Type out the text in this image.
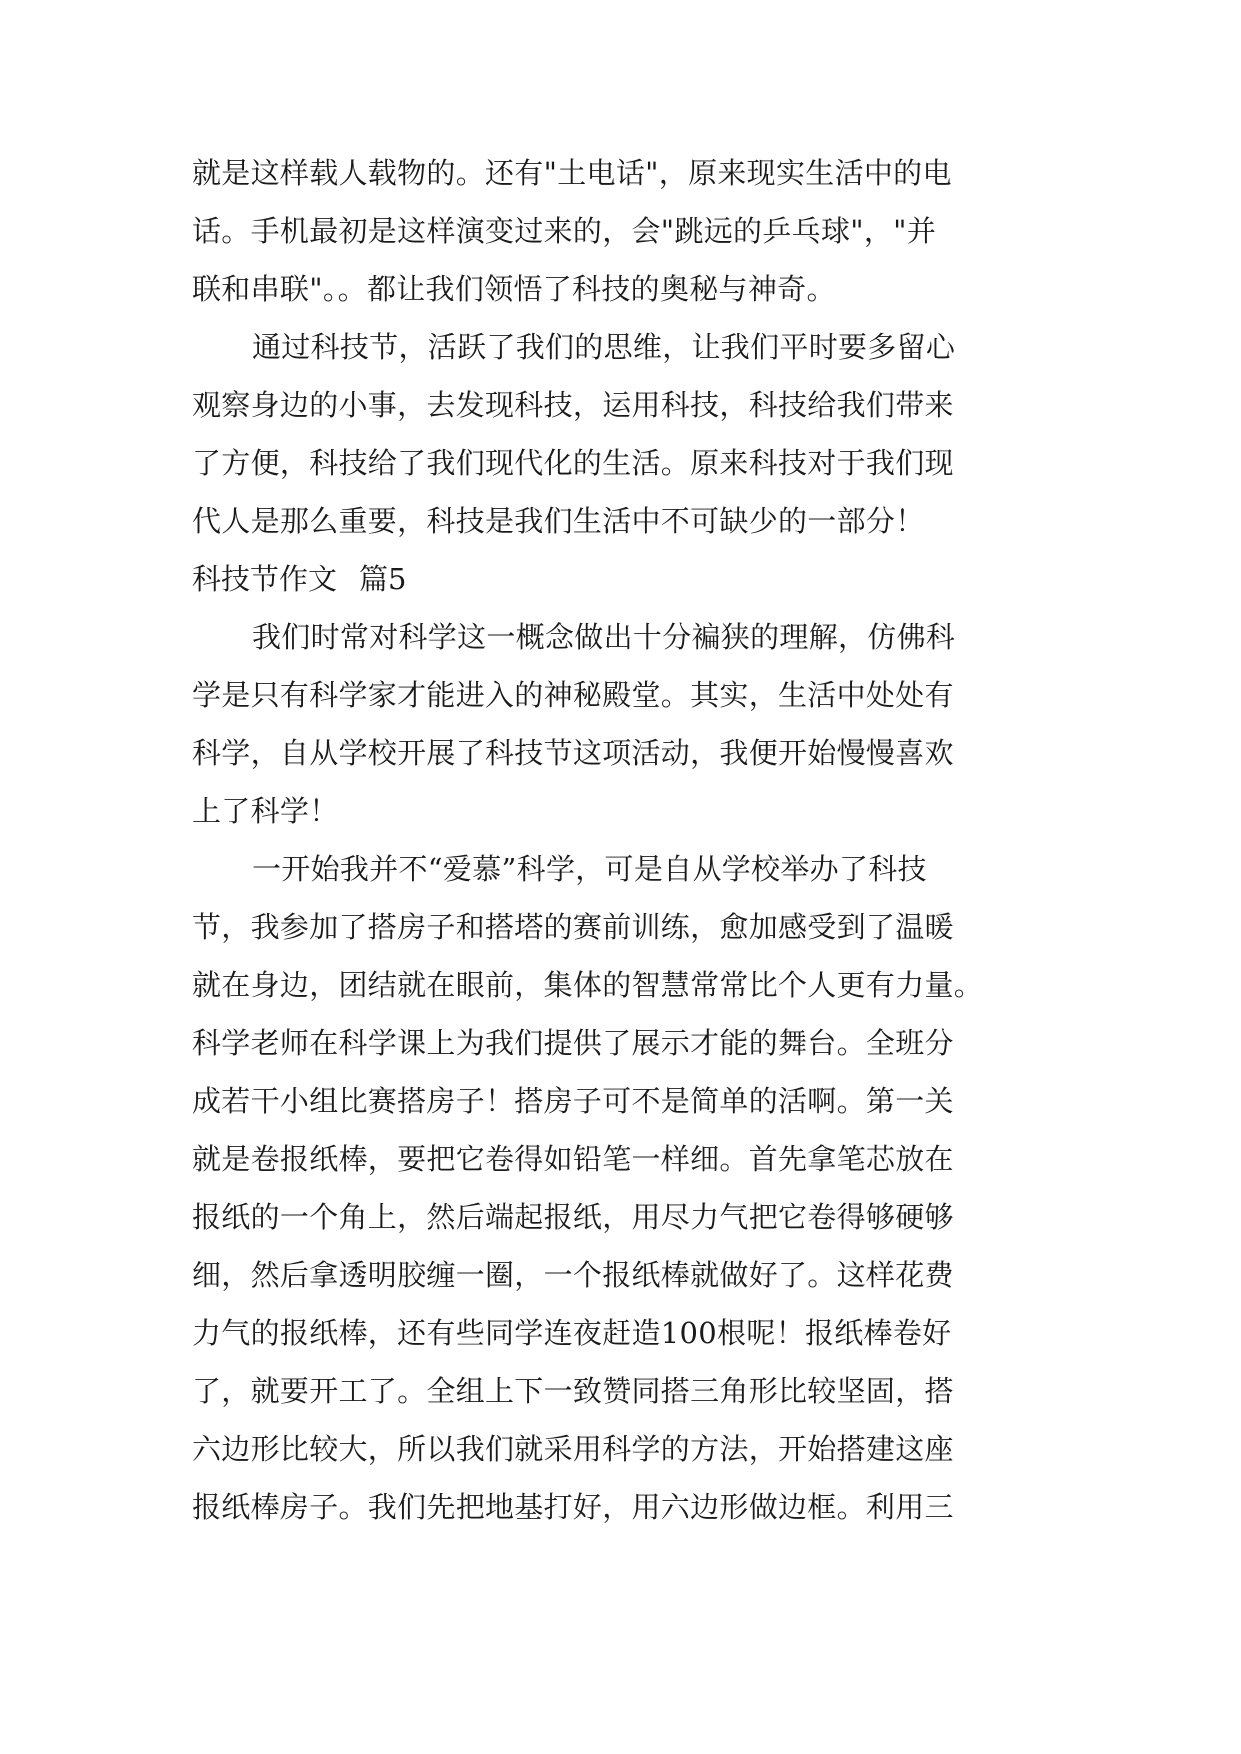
就是这样载人载物的。还有"土电话"，原来现实生活中的电
话。手机最初是这样演变过来的，会"跳远的乒乓球"，"并
联和串联"。。都让我们领悟了科技的奥秘与神奇。
通过科技节，活跃了我们的思维，让我们平时要多留心
观察身边的小事，去发现科技，运用科技，科技给我们带来
了方便，科技给了我们现代化的生活。原来科技对于我们现
代人是那么重要，科技是我们生活中不可缺少的一部分！
科技节作文 篇5
我们时常对科学这一概念做出十分褊狭的理解，仿佛科
学是只有科学家才能进入的神秘殿堂。其实，生活中处处有
科学，自从学校开展了科技节这项活动，我便开始慢慢喜欢
上了科学！
一开始我并不“爱慕”科学，可是自从学校举办了科技
节，我参加了搭房子和搭塔的赛前训练，愈加感受到了温暖
就在身边，团结就在眼前，集体的智慧常常比个人更有力量。
科学老师在科学课上为我们提供了展示才能的舞台。全班分
成若干小组比赛搭房子！搭房子可不是简单的活啊。第一关
就是卷报纸棒，要把它卷得如铅笔一样细。首先拿笔芯放在
报纸的一个角上，然后端起报纸，用尽力气把它卷得够硬够
细，然后拿透明胶缠一圈，一个报纸棒就做好了。这样花费
力气的报纸棒，还有些同学连夜赶造100根呢！报纸棒卷好
了，就要开工了。全组上下一致赞同搭三角形比较坚固，搭
六边形比较大，所以我们就采用科学的方法，开始搭建这座
报纸棒房子。我们先把地基打好，用六边形做边框。利用三
